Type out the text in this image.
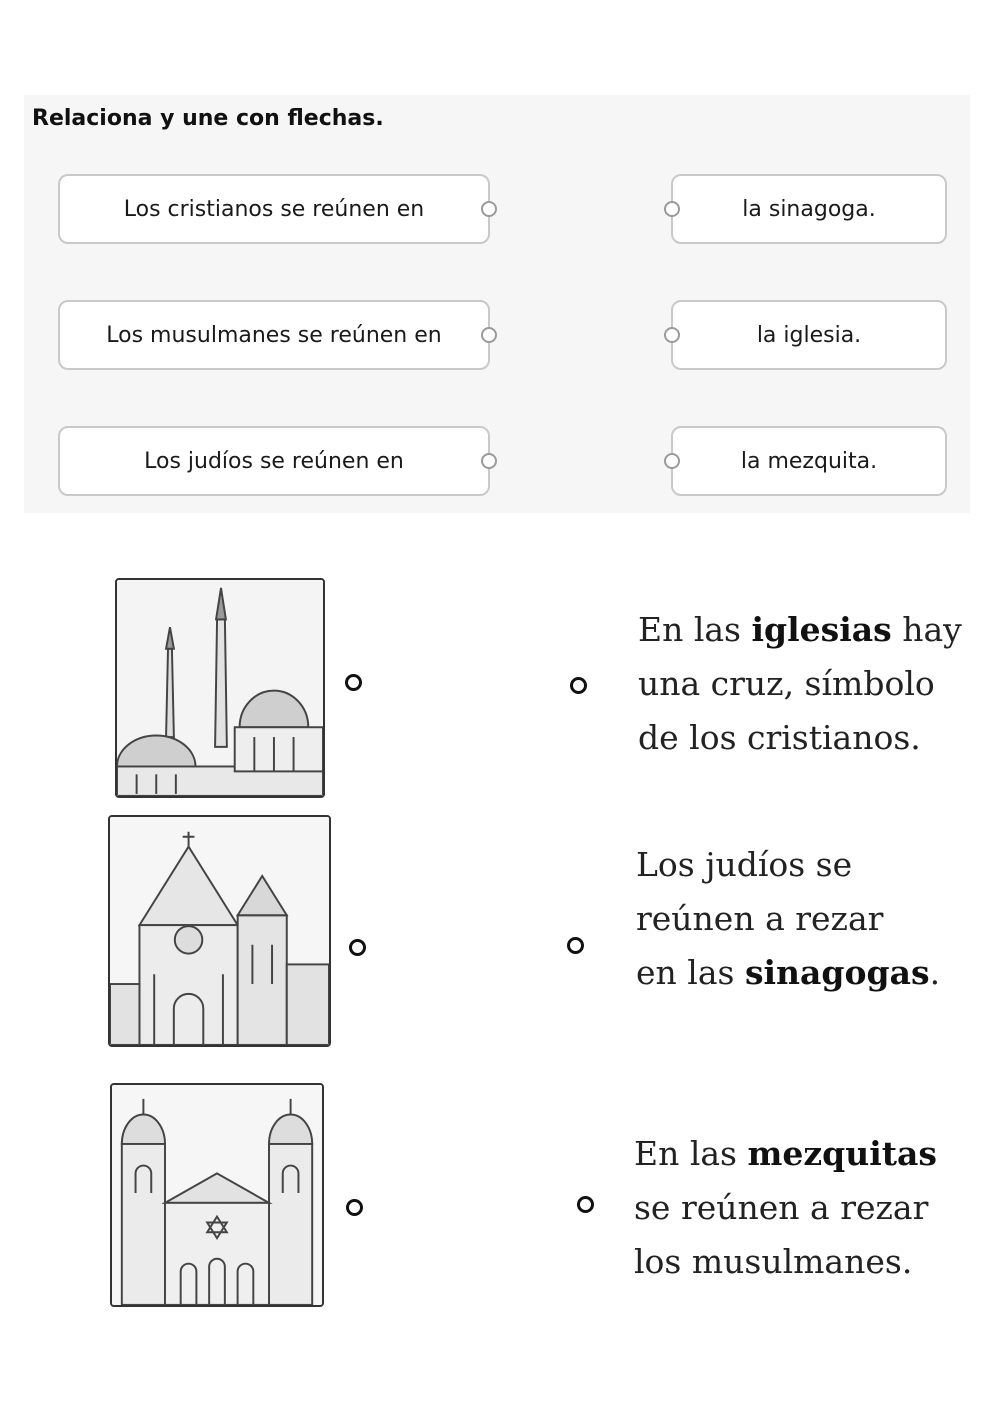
Relaciona y une con flechas.
Los cristianos se reúnen en
Los musulmanes se reúnen en
Los judíos se reúnen en
la sinagoga.
la iglesia.
la mezquita.
En las iglesias hay
una cruz, símbolo
de los cristianos.
Los judíos se
reúnen a rezar
en las sinagogas.
En las mezquitas
se reúnen a rezar
los musulmanes.
